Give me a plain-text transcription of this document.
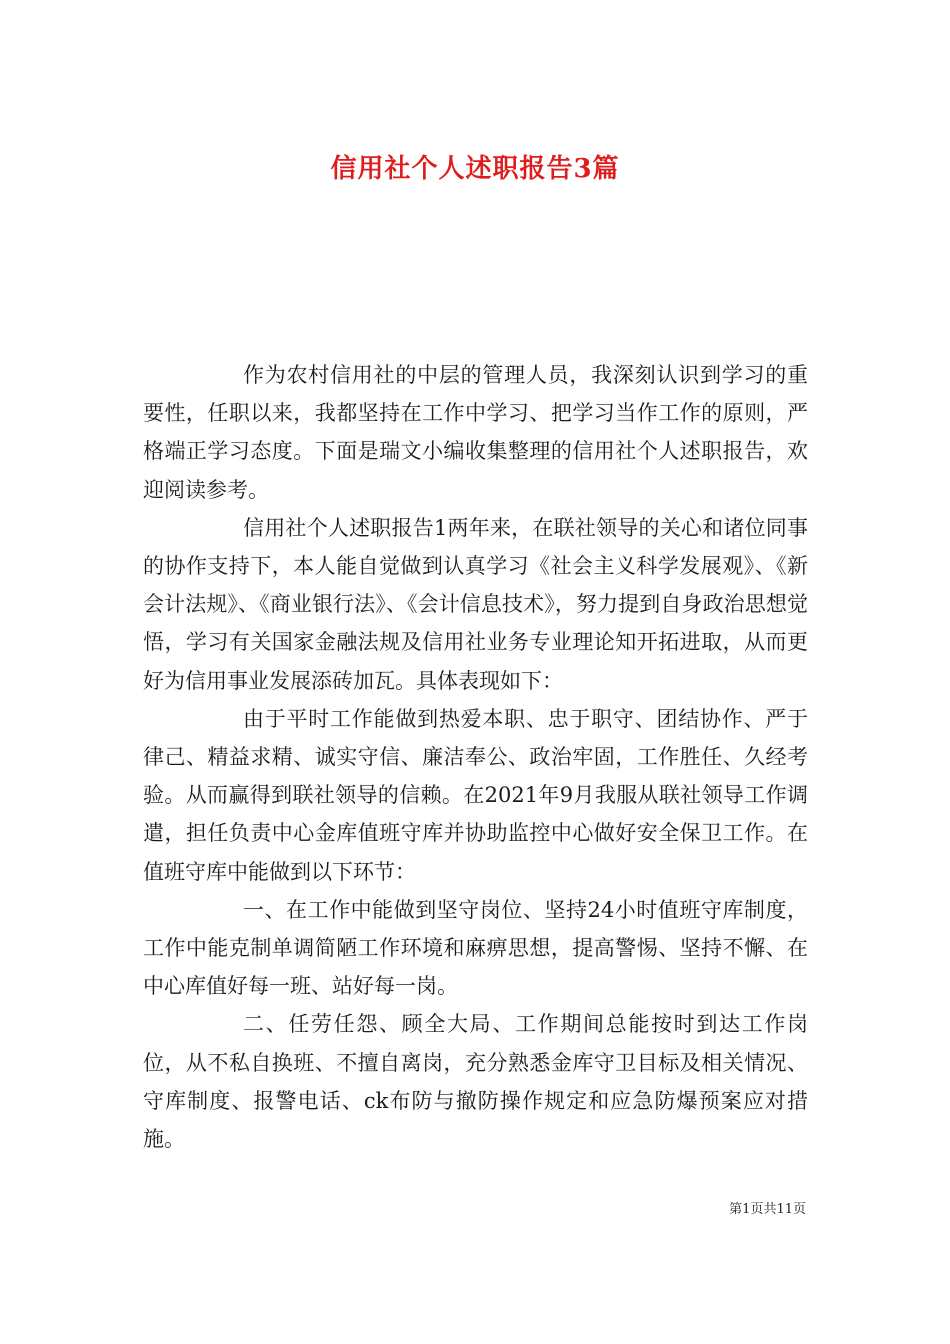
信用社个人述职报告3篇

作为农村信用社的中层的管理人员，我深刻认识到学习的重要性，任职以来，我都坚持在工作中学习、把学习当作工作的原则，严格端正学习态度。下面是瑞文小编收集整理的信用社个人述职报告，欢迎阅读参考。

信用社个人述职报告1两年来，在联社领导的关心和诸位同事的协作支持下，本人能自觉做到认真学习《社会主义科学发展观》、《新会计法规》、《商业银行法》、《会计信息技术》，努力提到自身政治思想觉悟，学习有关国家金融法规及信用社业务专业理论知开拓进取，从而更好为信用事业发展添砖加瓦。具体表现如下：

由于平时工作能做到热爱本职、忠于职守、团结协作、严于律己、精益求精、诚实守信、廉洁奉公、政治牢固，工作胜任、久经考验。从而赢得到联社领导的信赖。在2021年9月我服从联社领导工作调遣，担任负责中心金库值班守库并协助监控中心做好安全保卫工作。在值班守库中能做到以下环节：

一、在工作中能做到坚守岗位、坚持24小时值班守库制度，工作中能克制单调简陋工作环境和麻痹思想，提高警惕、坚持不懈、在中心库值好每一班、站好每一岗。

二、任劳任怨、顾全大局、工作期间总能按时到达工作岗位，从不私自换班、不擅自离岗，充分熟悉金库守卫目标及相关情况、守库制度、报警电话、ck布防与撤防操作规定和应急防爆预案应对措施。

第1页共11页
